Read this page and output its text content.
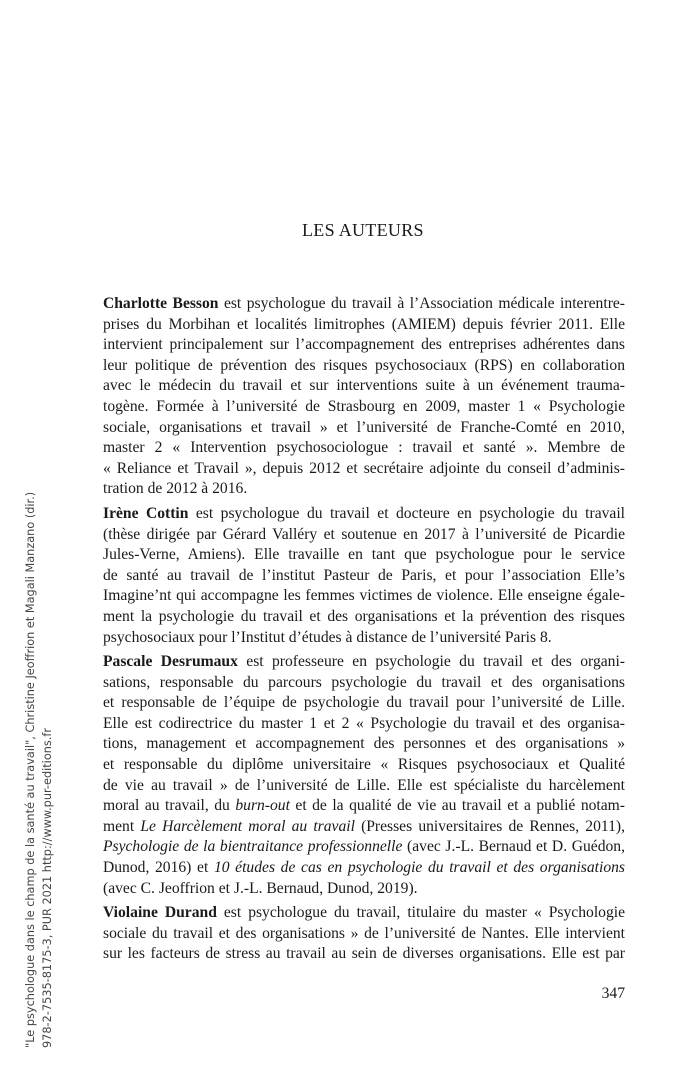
LES AUTEURS
Charlotte Besson est psychologue du travail à l’Association médicale interentre-
prises du Morbihan et localités limitrophes (AMIEM) depuis février 2011. Elle
intervient principalement sur l’accompagnement des entreprises adhérentes dans
leur politique de prévention des risques psychosociaux (RPS) en collaboration
avec le médecin du travail et sur interventions suite à un événement trauma-
togène. Formée à l’université de Strasbourg en 2009, master 1 « Psychologie
sociale, organisations et travail » et l’université de Franche-Comté en 2010,
master 2 « Intervention psychosociologue : travail et santé ». Membre de
« Reliance et Travail », depuis 2012 et secrétaire adjointe du conseil d’adminis-
tration de 2012 à 2016.
Irène Cottin est psychologue du travail et docteure en psychologie du travail
(thèse dirigée par Gérard Vallérу et soutenue en 2017 à l’université de Picardie
Jules-Verne, Amiens). Elle travaille en tant que psychologue pour le service
de santé au travail de l’institut Pasteur de Paris, et pour l’association Elle’s
Imagine’nt qui accompagne les femmes victimes de violence. Elle enseigne égale-
ment la psychologie du travail et des organisations et la prévention des risques
psychosociaux pour l’Institut d’études à distance de l’université Paris 8.
Pascale Desrumaux est professeure en psychologie du travail et des organi-
sations, responsable du parcours psychologie du travail et des organisations
et responsable de l’équipe de psychologie du travail pour l’université de Lille.
Elle est codirectrice du master 1 et 2 « Psychologie du travail et des organisa-
tions, management et accompagnement des personnes et des organisations »
et responsable du diplôme universitaire « Risques psychosociaux et Qualité
de vie au travail » de l’université de Lille. Elle est spécialiste du harcèlement
moral au travail, du burn-out et de la qualité de vie au travail et a publié notam-
ment Le Harcèlement moral au travail (Presses universitaires de Rennes, 2011),
Psychologie de la bientraitance professionnelle (avec J.-L. Bernaud et D. Guédon,
Dunod, 2016) et 10 études de cas en psychologie du travail et des organisations
(avec C. Jeoffrion et J.-L. Bernaud, Dunod, 2019).
Violaine Durand est psychologue du travail, titulaire du master « Psychologie
sociale du travail et des organisations » de l’université de Nantes. Elle intervient
sur les facteurs de stress au travail au sein de diverses organisations. Elle est par
347
"Le psychologue dans le champ de la santé au travail", Christine Jeoffrion et Magali Manzano (dir.) 978-2-7535-8175-3, PUR 2021 http://www.pur-editions.fr
